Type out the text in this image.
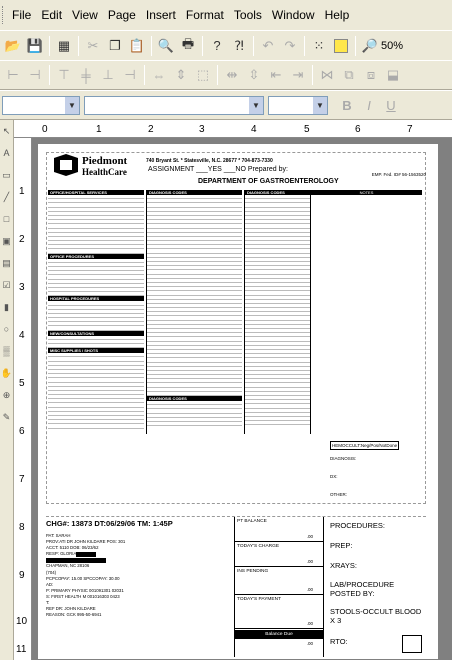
File Edit View Page Insert Format Tools Window Help
📂 💾	▦	✂ ❐ 📋 🔍 🖶	?	⁈	↶ ↷	⁙	🔎 50%
⊢ ⊣	⊤ ╪ ⊥ ⊣	⇔ ⇕ ⬚	⇹ ⇳ ⇤ ⇥	⋈ ⧉	⧈ ⬓
▼	▼	▼	B	I	U
↖
A
▭
╱
□
▣
▤
☑
▮
○
▒
✋
⊕
✎
0	1	2	3	4	5	6	7
1
2
3
4
5
6
7
8
9
10
11
Piedmont
HealthCare
740 Bryant St. * Statesville, N.C. 28677 * 704-873-7330
ASSIGNMENT ___YES ___NO Prepared by:
EMP. Fed. ID# 56-1563520
DEPARTMENT OF GASTROENTEROLOGY
OFFICE/HOSPITAL SERVICES
OFFICE PROCEDURES
HOSPITAL PROCEDURES
NEW/CONSULTATIONS
MISC SUPPLIES / SHOTS
DIAGNOSIS CODES
DIAGNOSIS CODES
DIAGNOSIS CODES	NOTES
HEMOCCULT:Neg/Pos/NotDone
DIAGNOSIS:
DX:
OTHER:
CHG#: 13873 DT:06/29/06 TM: 1:45P
PAT: SARAH
PROV:ATI DR JOHN KILDARE POS: 301
ACCT: 5110 DOB: 06/23/62
RESP: GLORIA
CHAPMAN, NC 28106
(704)
PCPCOPAY: 15.00 SPCCOPAY: 30.00
AD:
P: PRIMARY PHYSIC 001091301 02031
S: FIRST HEALTH M 001016303 0423
T:
REF DR: JOHN KILDARE
REASON: GCK 995-50-6941
PT BALANCE
.00
TODAY'S CHARGE
.00
INS PENDING
.00
TODAY'S PAYMENT
.00
Balance Due
.00
PROCEDURES:
PREP:
XRAYS:
LAB/PROCEDURE
POSTED BY:
STOOLS-OCCULT BLOOD
X 3
RTO:
